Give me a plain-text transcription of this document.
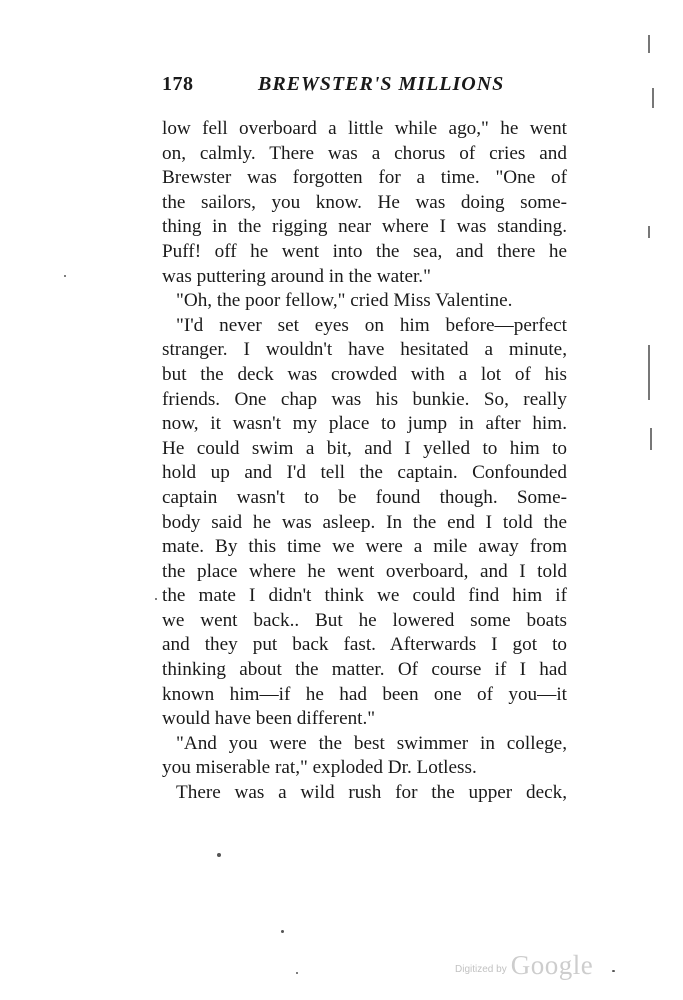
178	BREWSTER'S MILLIONS
low fell overboard a little while ago," he went
on, calmly. There was a chorus of cries and
Brewster was forgotten for a time. "One of
the sailors, you know. He was doing some-
thing in the rigging near where I was standing.
Puff! off he went into the sea, and there he
was puttering around in the water."
"Oh, the poor fellow," cried Miss Valentine.
"I'd never set eyes on him before—perfect
stranger. I wouldn't have hesitated a minute,
but the deck was crowded with a lot of his
friends. One chap was his bunkie. So, really
now, it wasn't my place to jump in after him.
He could swim a bit, and I yelled to him to
hold up and I'd tell the captain. Confounded
captain wasn't to be found though. Some-
body said he was asleep. In the end I told the
mate. By this time we were a mile away from
the place where he went overboard, and I told
the mate I didn't think we could find him if
we went back.. But he lowered some boats
and they put back fast. Afterwards I got to
thinking about the matter. Of course if I had
known him—if he had been one of you—it
would have been different."
"And you were the best swimmer in college,
you miserable rat," exploded Dr. Lotless.
There was a wild rush for the upper deck,
Digitized by Google
